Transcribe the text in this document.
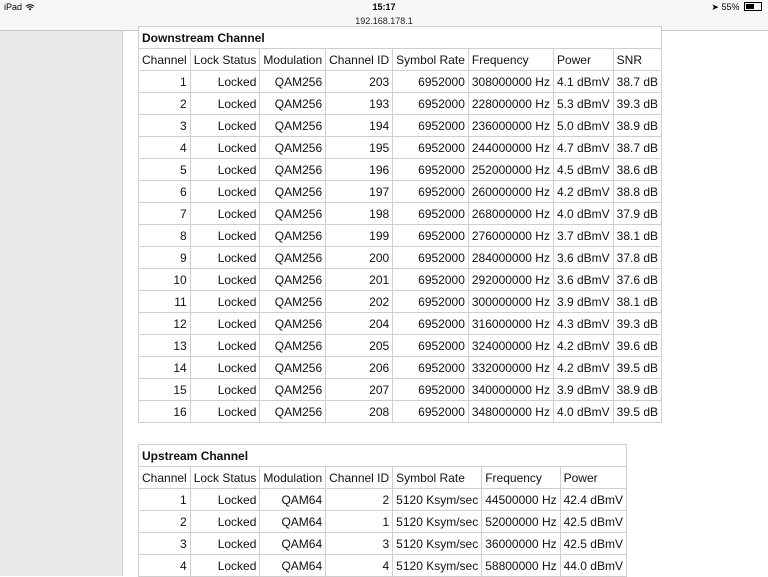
iPad	15:17	➤ 55%
192.168.178.1
Downstream Channel							
Channel	Lock Status	Modulation	Channel ID	Symbol Rate	Frequency	Power	SNR
1	Locked	QAM256	203	6952000	308000000 Hz	4.1 dBmV	38.7 dB
2	Locked	QAM256	193	6952000	228000000 Hz	5.3 dBmV	39.3 dB
3	Locked	QAM256	194	6952000	236000000 Hz	5.0 dBmV	38.9 dB
4	Locked	QAM256	195	6952000	244000000 Hz	4.7 dBmV	38.7 dB
5	Locked	QAM256	196	6952000	252000000 Hz	4.5 dBmV	38.6 dB
6	Locked	QAM256	197	6952000	260000000 Hz	4.2 dBmV	38.8 dB
7	Locked	QAM256	198	6952000	268000000 Hz	4.0 dBmV	37.9 dB
8	Locked	QAM256	199	6952000	276000000 Hz	3.7 dBmV	38.1 dB
9	Locked	QAM256	200	6952000	284000000 Hz	3.6 dBmV	37.8 dB
10	Locked	QAM256	201	6952000	292000000 Hz	3.6 dBmV	37.6 dB
11	Locked	QAM256	202	6952000	300000000 Hz	3.9 dBmV	38.1 dB
12	Locked	QAM256	204	6952000	316000000 Hz	4.3 dBmV	39.3 dB
13	Locked	QAM256	205	6952000	324000000 Hz	4.2 dBmV	39.6 dB
14	Locked	QAM256	206	6952000	332000000 Hz	4.2 dBmV	39.5 dB
15	Locked	QAM256	207	6952000	340000000 Hz	3.9 dBmV	38.9 dB
16	Locked	QAM256	208	6952000	348000000 Hz	4.0 dBmV	39.5 dB
Upstream Channel						
Channel	Lock Status	Modulation	Channel ID	Symbol Rate	Frequency	Power
1	Locked	QAM64	2	5120 Ksym/sec	44500000 Hz	42.4 dBmV
2	Locked	QAM64	1	5120 Ksym/sec	52000000 Hz	42.5 dBmV
3	Locked	QAM64	3	5120 Ksym/sec	36000000 Hz	42.5 dBmV
4	Locked	QAM64	4	5120 Ksym/sec	58800000 Hz	44.0 dBmV
